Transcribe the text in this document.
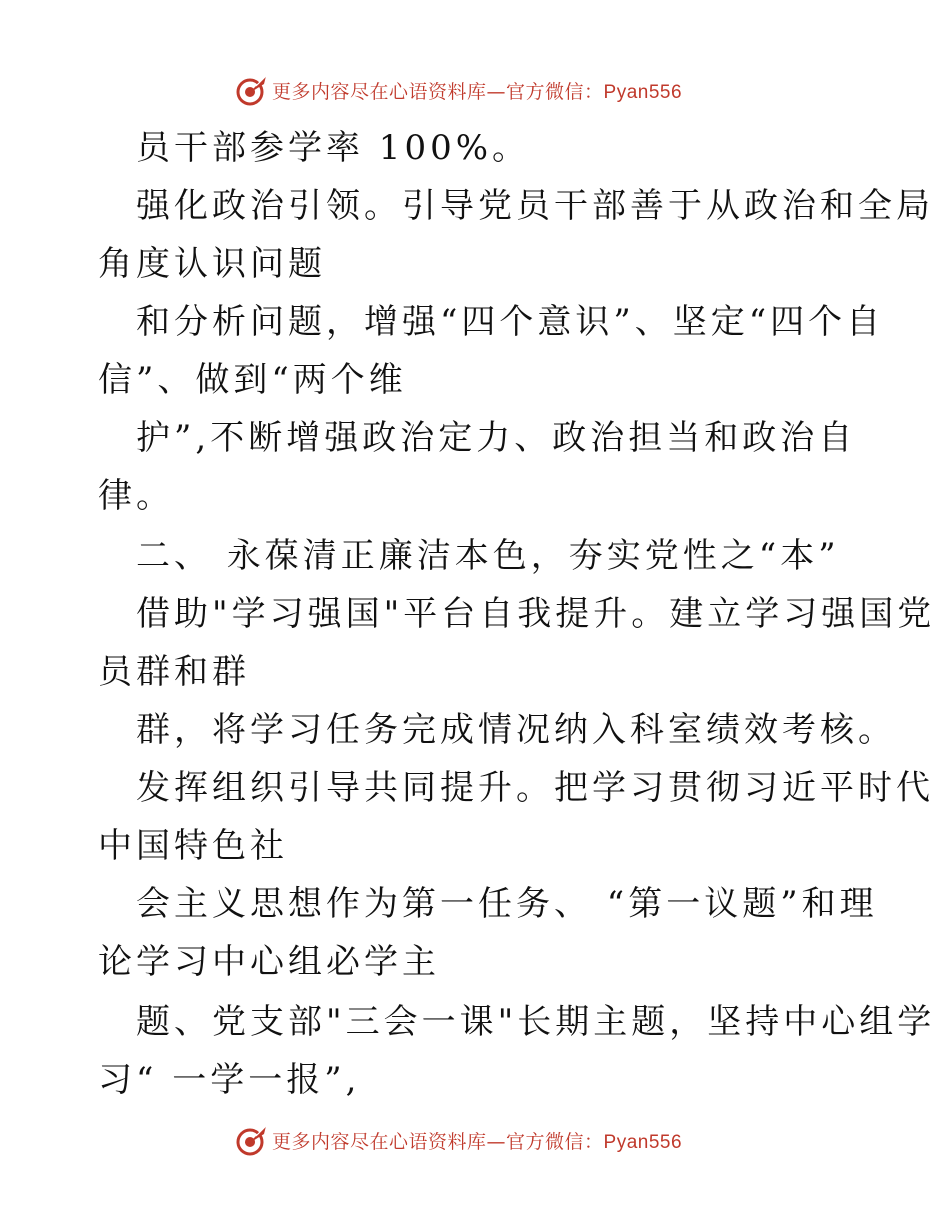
更多内容尽在心语资料库—官方微信：Pyan556
员干部参学率 100%。
强化政治引领。引导党员干部善于从政治和全局
角度认识问题
和分析问题，增强“四个意识”、坚定“四个自
信”、做到“两个维
护”,不断增强政治定力、政治担当和政治自
律。
二、 永葆清正廉洁本色，夯实党性之“本”
借助"学习强国"平台自我提升。建立学习强国党
员群和群
群，将学习任务完成情况纳入科室绩效考核。
发挥组织引导共同提升。把学习贯彻习近平时代
中国特色社
会主义思想作为第一任务、 “第一议题”和理
论学习中心组必学主
题、党支部"三会一课"长期主题，坚持中心组学
习“ 一学一报”,
更多内容尽在心语资料库—官方微信：Pyan556
